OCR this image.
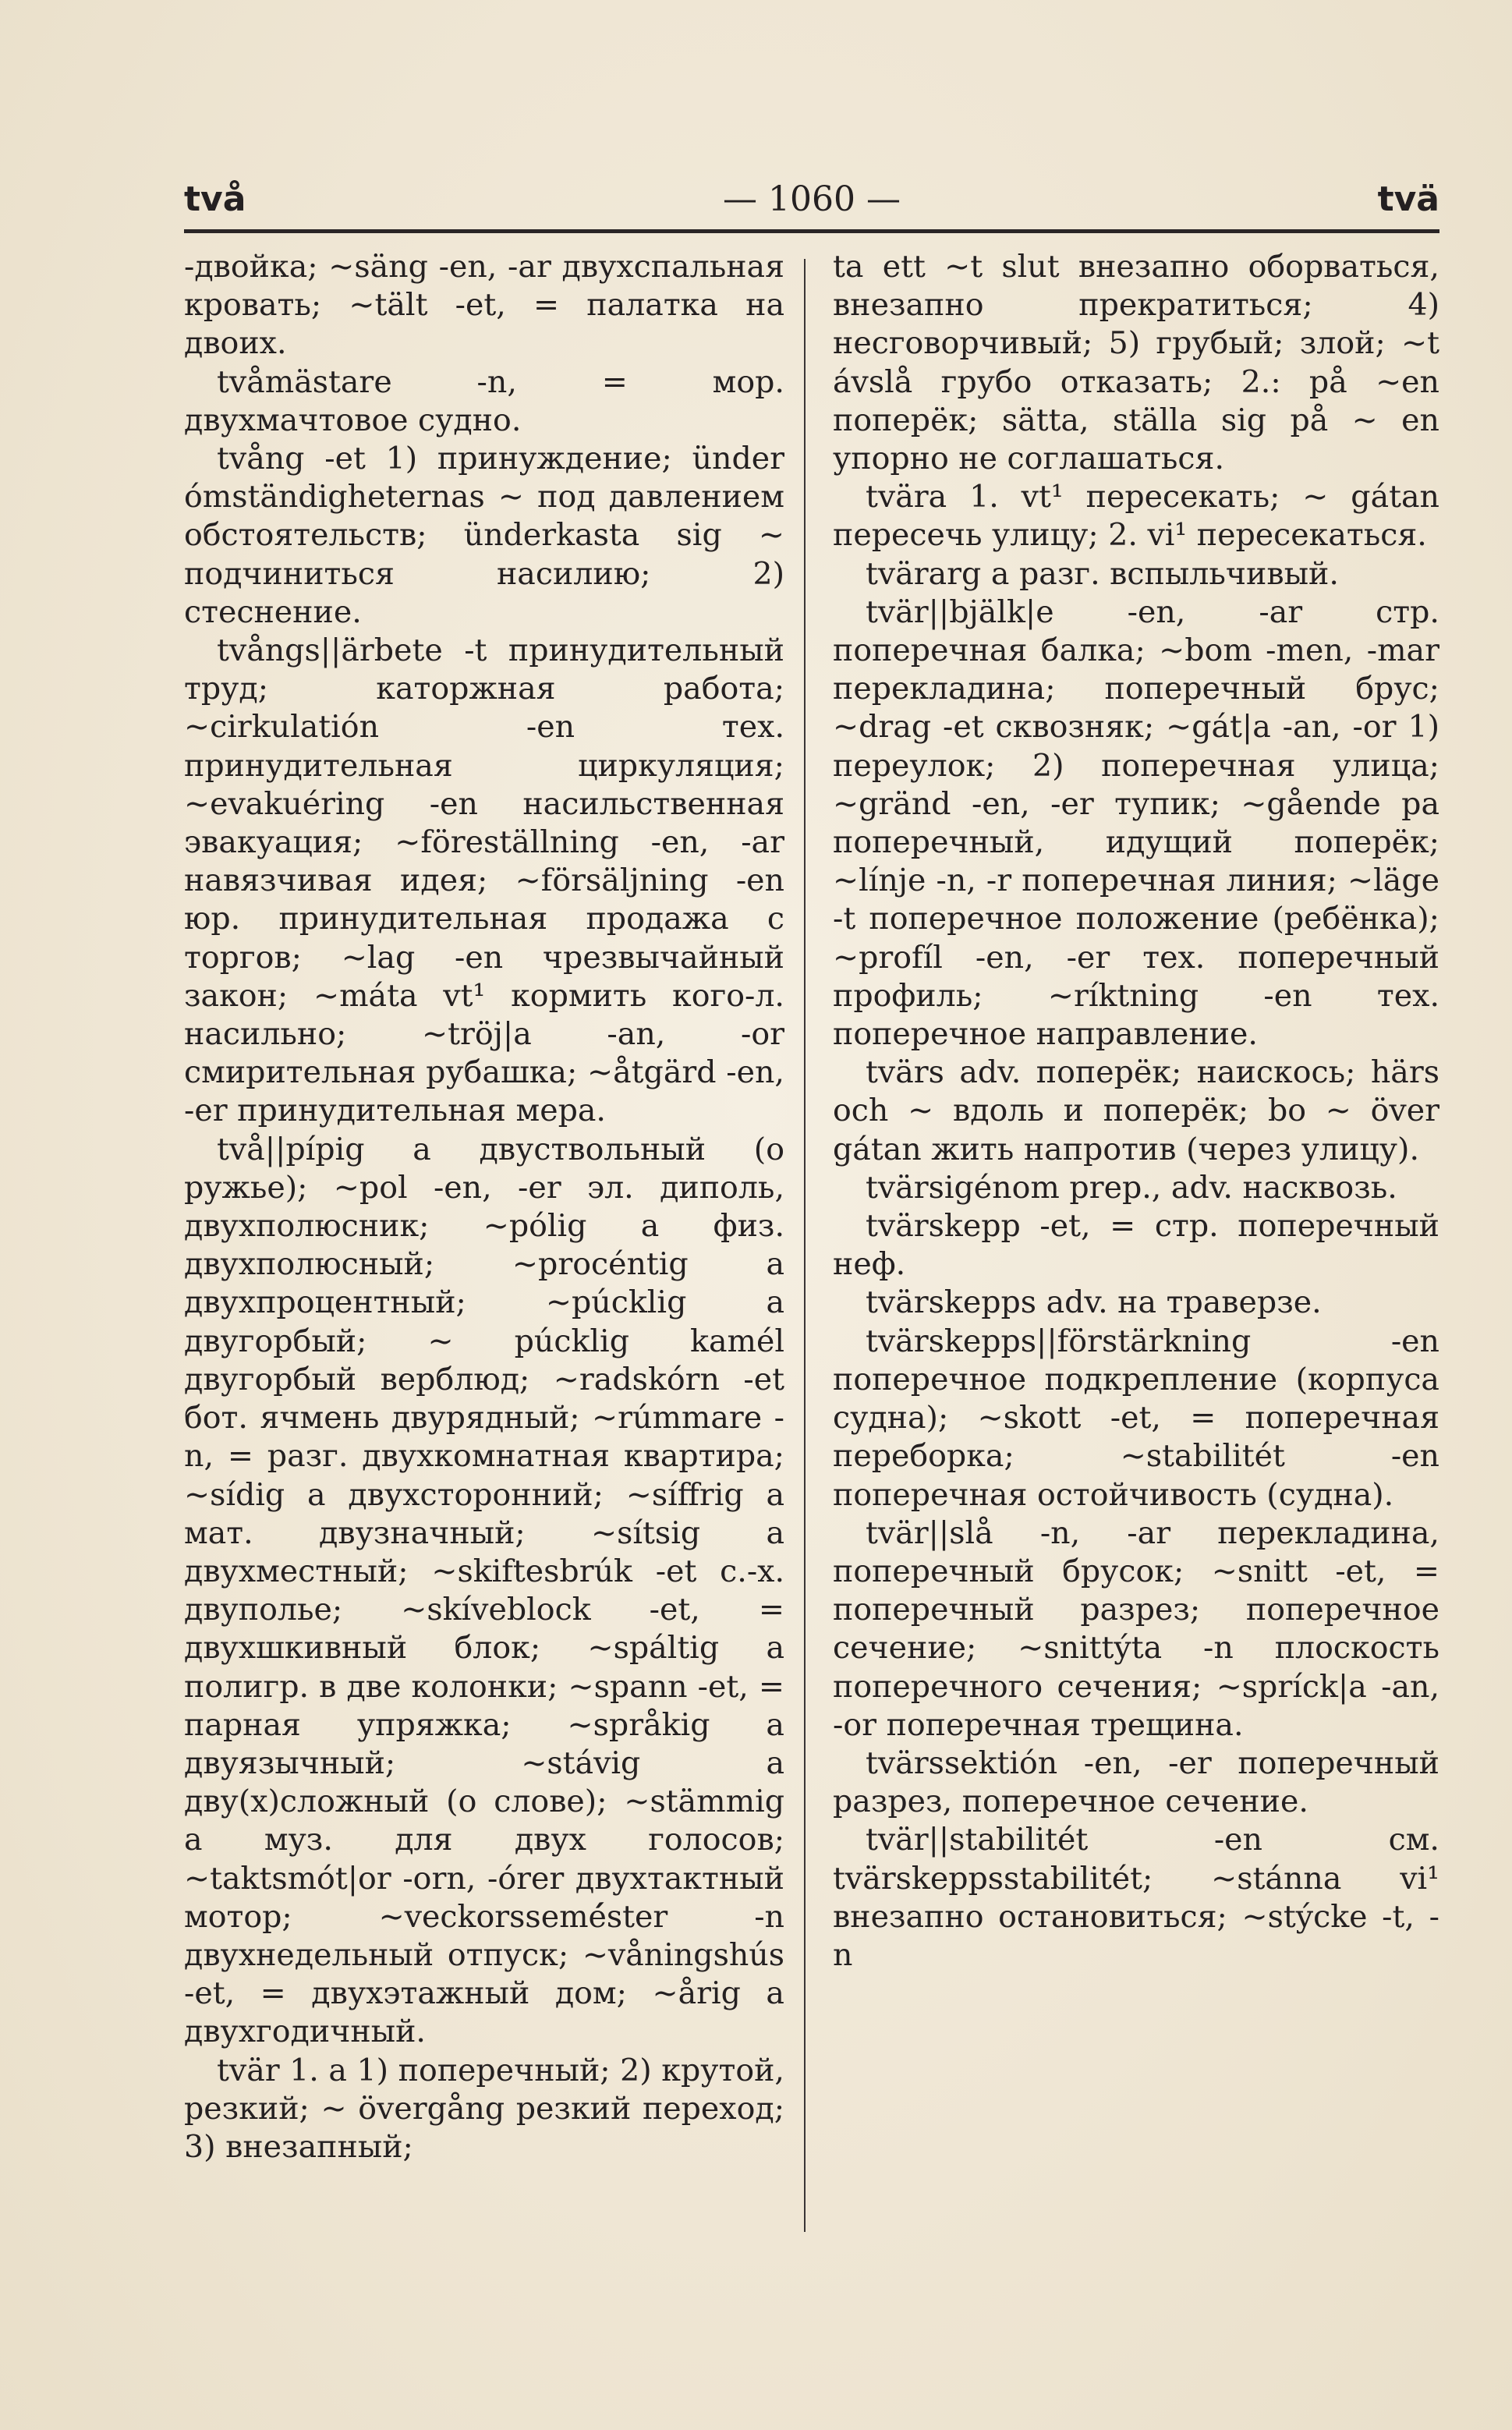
två	— 1060 —	tvä

-двойка; ~säng -en, -ar двухспальная кровать; ~tält -et, = палатка на двоих.

tvåmästare -n, = мор. двухмачтовое судно.

tvång -et 1) принуждение; ünder ómständigheternas ~ под давлением обстоятельств; ünderkasta sig ~ подчиниться насилию; 2) стеснение.

tvångs||ärbete -t принудительный труд; каторжная работа; ~cirkulatión -en тех. принудительная циркуляция; ~evakuéring -en насильственная эвакуация; ~föreställning -en, -ar навязчивая идея; ~försäljning -en юр. принудительная продажа с торгов; ~lag -en чрезвычайный закон; ~máta vt¹ кормить кого-л. насильно; ~tröj|a -an, -or смирительная рубашка; ~åtgärd -en, -er принудительная мера.

två||pípig a двуствольный (о ружье); ~pol -en, -er эл. диполь, двухполюсник; ~pólig a физ. двухполюсный; ~procéntig a двухпроцентный; ~púcklig a двугорбый; ~ púcklig kamél двугорбый верблюд; ~radskórn -et бот. ячмень двурядный; ~rúmmare -n, = разг. двухкомнатная квартира; ~sídig a двухсторонний; ~síffrig a мат. двузначный; ~sítsig a двухместный; ~skiftesbrúk -et с.-х. двуполье; ~skíveblock -et, = двухшкивный блок; ~spáltig a полигр. в две колонки; ~spann -et, = парная упряжка; ~språkig a двуязычный; ~stávig a дву(х)сложный (о слове); ~stämmig a муз. для двух голосов; ~taktsmót|or -orn, -órer двухтактный мотор; ~veckorssemé́ster -n двухнедельный отпуск; ~våningshús -et, = двухэтажный дом; ~årig a двухгодичный.

tvär 1. a 1) поперечный; 2) крутой, резкий; ~ övergång резкий переход; 3) внезапный;

ta ett ~t slut внезапно оборваться, внезапно прекратиться; 4) несговорчивый; 5) грубый; злой; ~t ávslå грубо отказать; 2.: på ~en поперёк; sätta, ställa sig på ~ en упорно не соглашаться.

tvära 1. vt¹ пересекать; ~ gátan пересечь улицу; 2. vi¹ пересекаться.

tvärarg a разг. вспыльчивый.

tvär||bjälk|e -en, -ar стр. поперечная балка; ~bom -men, -mar перекладина; поперечный брус; ~drag -et сквозняк; ~gát|a -an, -or 1) переулок; 2) поперечная улица; ~gränd -en, -er тупик; ~gående pa поперечный, идущий поперёк; ~línje -n, -r поперечная линия; ~läge -t поперечное положение (ребёнка); ~profíl -en, -er тех. поперечный профиль; ~ríktning -en тех. поперечное направление.

tvärs adv. поперёк; наискось; härs och ~ вдоль и поперёк; bo ~ över gátan жить напротив (через улицу).

tvärsigénom prep., adv. насквозь.

tvärskepp -et, = стр. поперечный неф.

tvärskepps adv. на траверзе.

tvärskepps||förstärkning -en поперечное подкрепление (корпуса судна); ~skott -et, = поперечная переборка; ~stabilitét -en поперечная остойчивость (судна).

tvär||slå -n, -ar перекладина, поперечный брусок; ~snitt -et, = поперечный разрез; поперечное сечение; ~snittýta -n плоскость поперечного сечения; ~spríck|a -an, -or поперечная трещина.

tvärssektión -en, -er поперечный разрез, поперечное сечение.

tvär||stabilitét -en см. tvärskeppsstabilitét; ~stánna vi¹ внезапно остановиться; ~stýcke -t, -n
